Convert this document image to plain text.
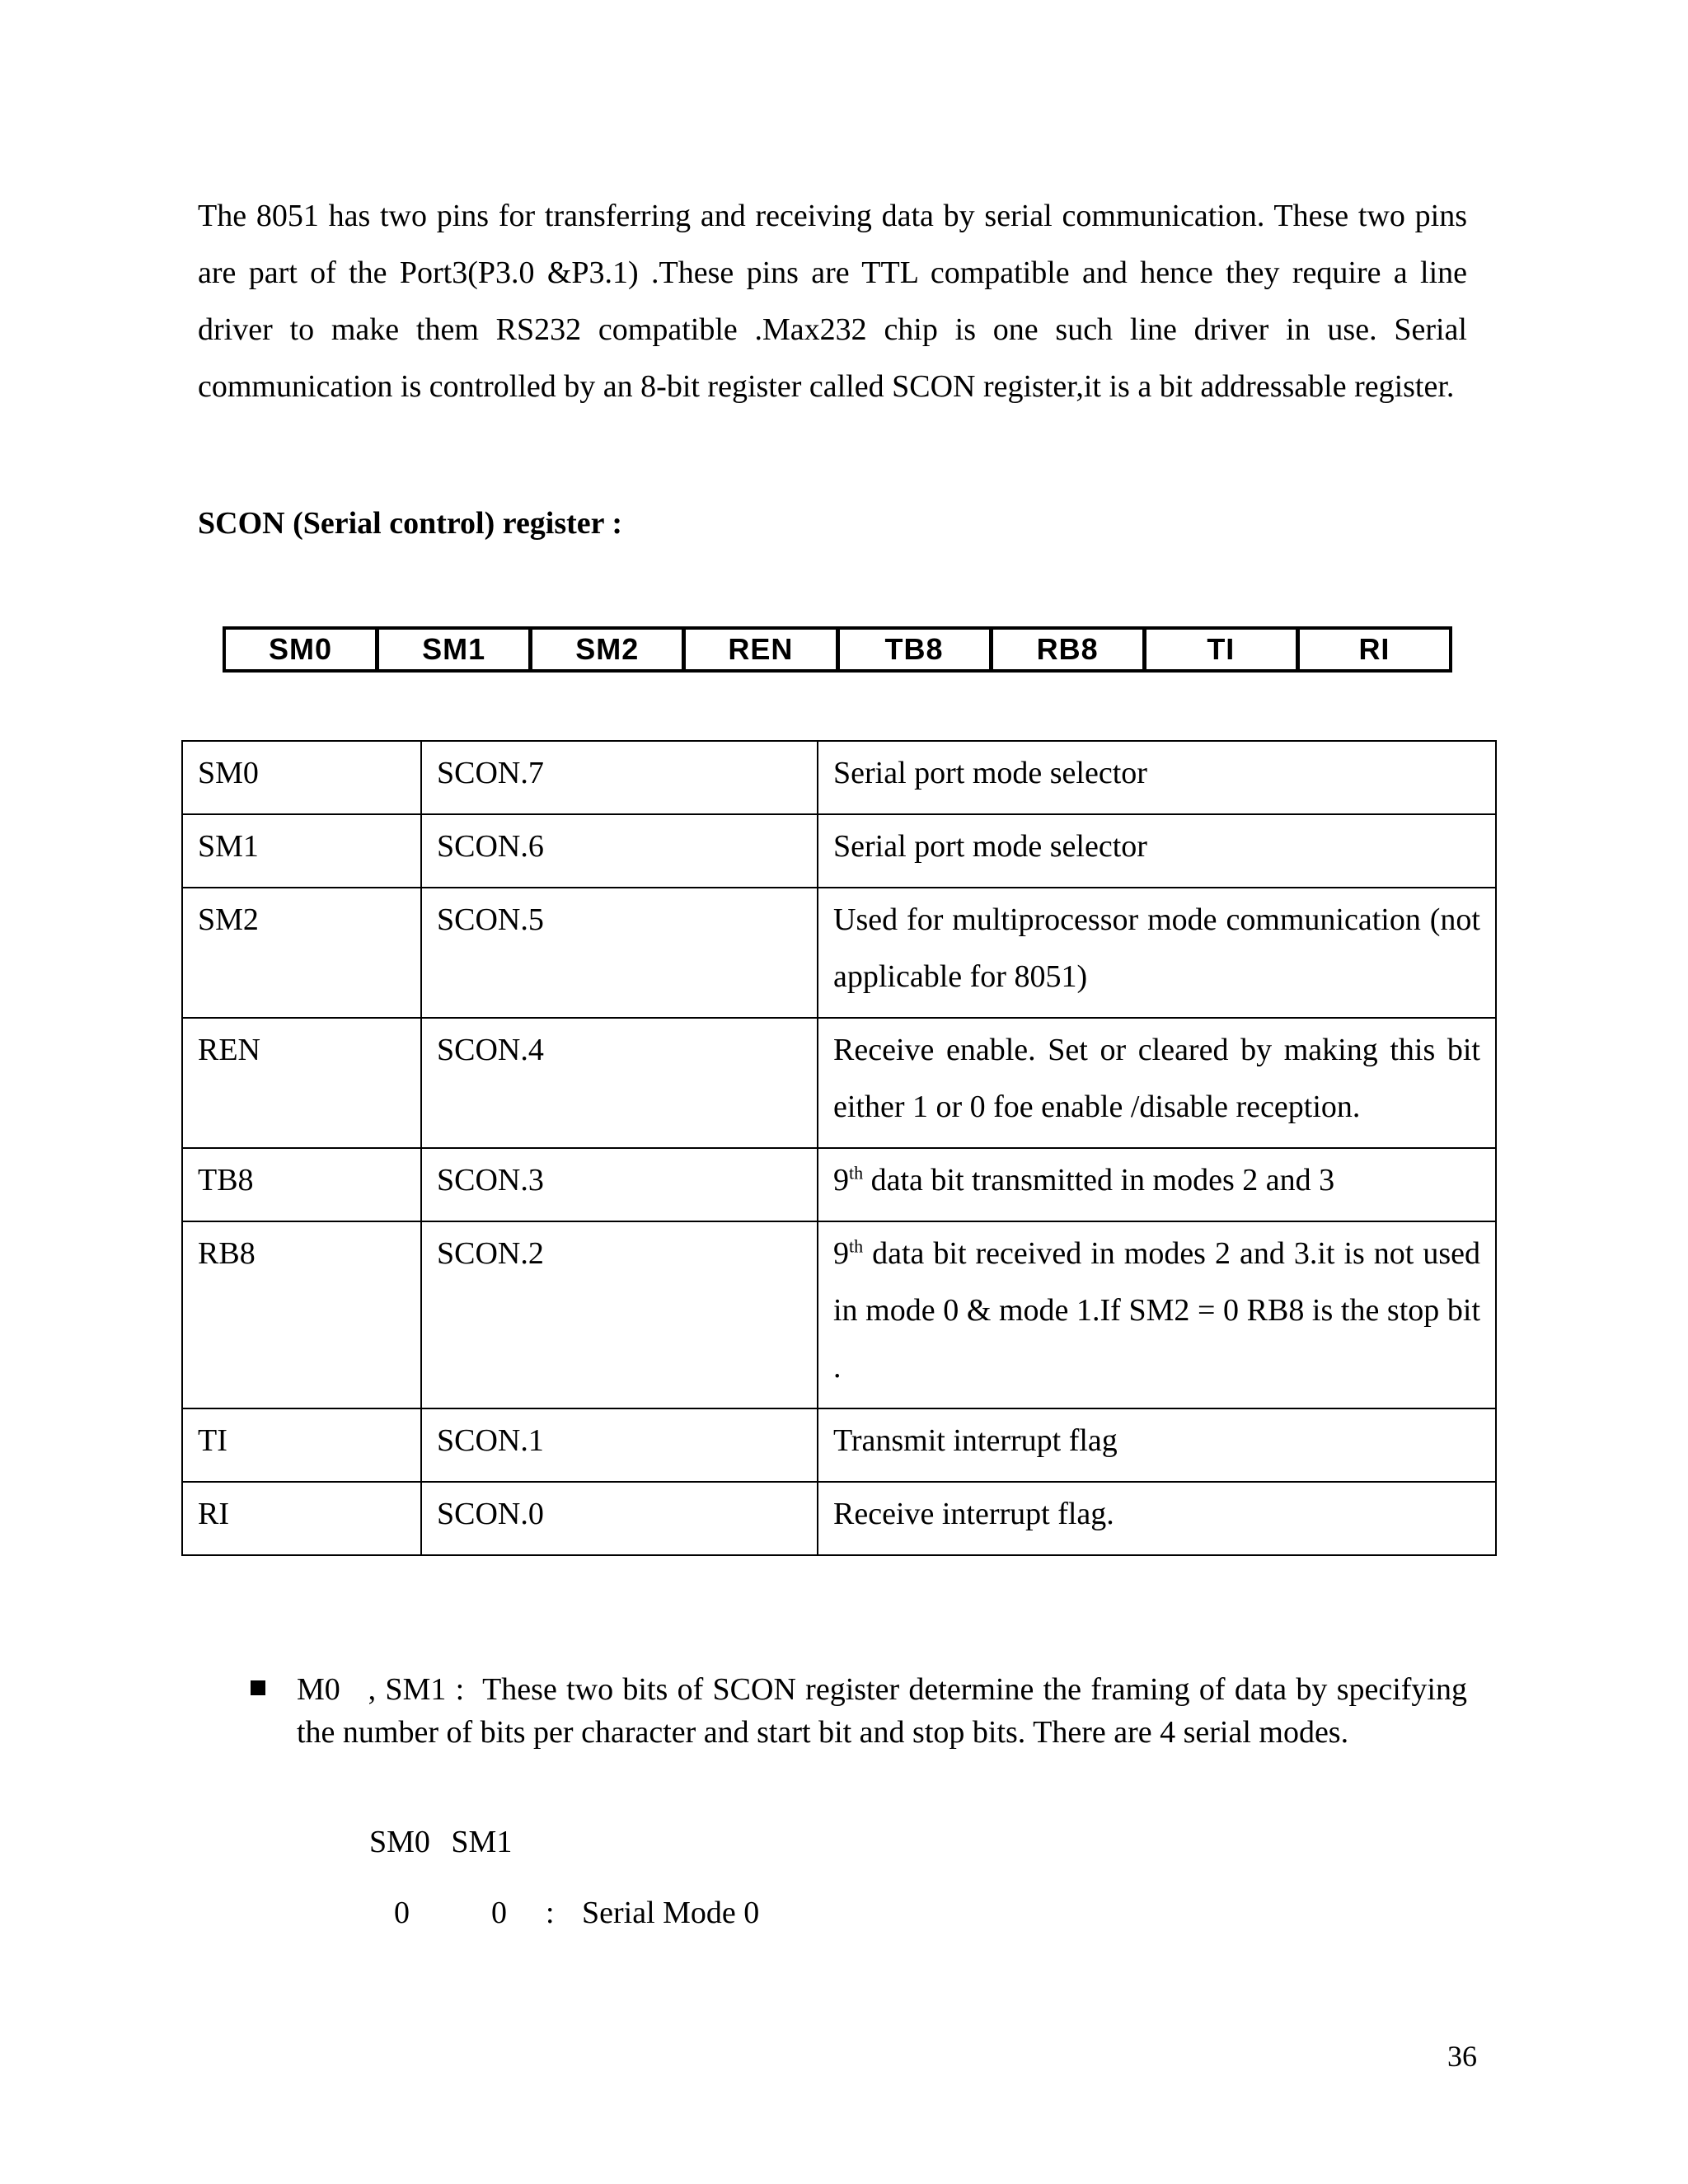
The 8051 has two pins for transferring and receiving data by serial communication. These two pins are part of the Port3(P3.0 &P3.1) .These pins are TTL compatible and hence they require a line driver to make them RS232 compatible .Max232 chip is one such line driver in use. Serial communication is controlled by an 8-bit register called SCON register,it is a bit addressable register.

SCON (Serial control) register :

SM0	SM1	SM2	REN	TB8	RB8	TI	RI
SM0	SCON.7	Serial port mode selector
SM1	SCON.6	Serial port mode selector
SM2	SCON.5	Used for multiprocessor mode communication (not applicable for 8051)
REN	SCON.4	Receive enable. Set or cleared by making this bit either 1 or 0 foe enable /disable reception.
TB8	SCON.3	9th data bit transmitted in modes 2 and 3
RB8	SCON.2	9th data bit received in modes 2 and 3.it is not used in mode 0 & mode 1.If SM2 = 0 RB8 is the stop bit .
TI	SCON.1	Transmit interrupt flag
RI	SCON.0	Receive interrupt flag.
M0   , SM1 :  These two bits of SCON register determine the framing of data by specifying the number of bits per character and start bit and stop bits. There are 4 serial modes.
SM0 SM1
0	0 : Serial Mode 0
36
